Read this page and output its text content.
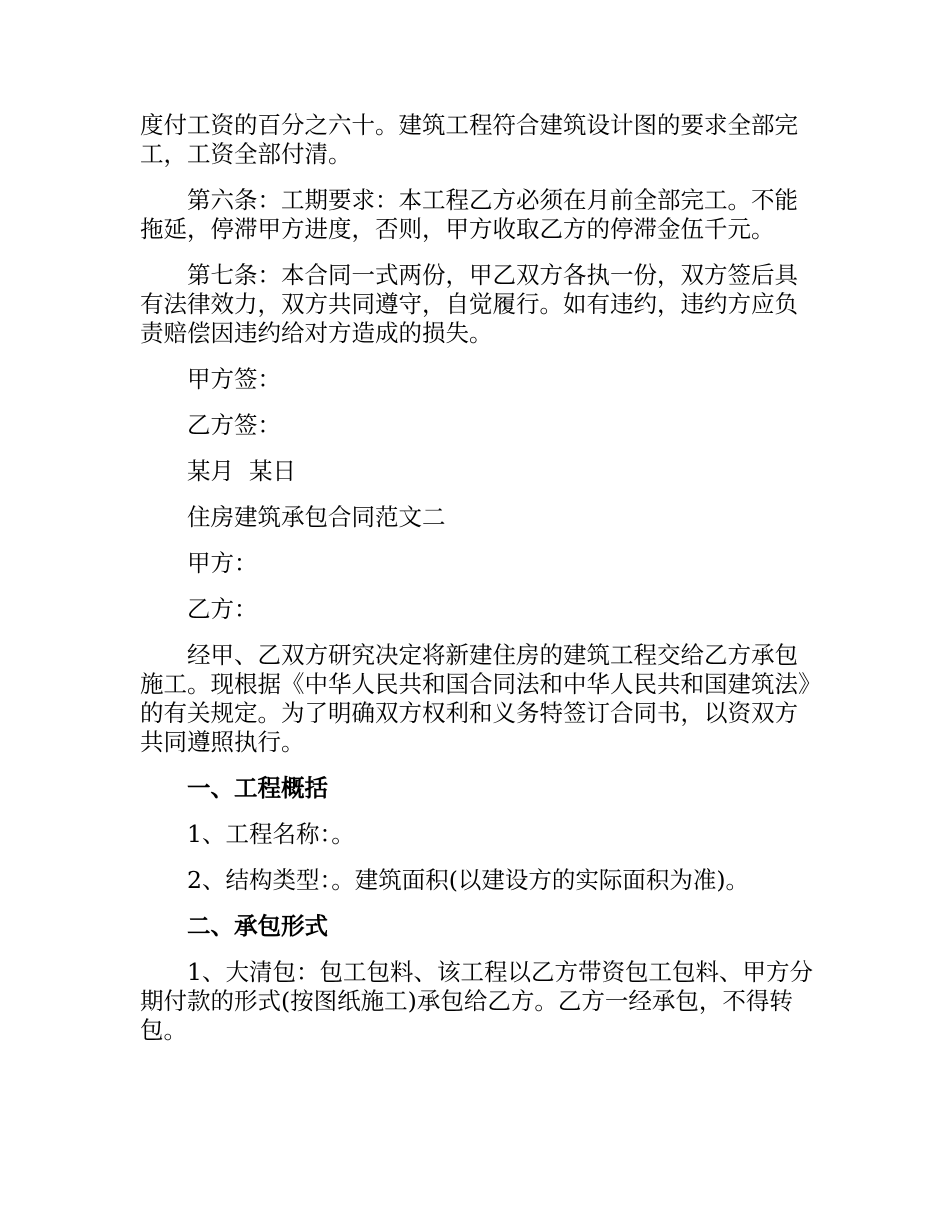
度付工资的百分之六十。建筑工程符合建筑设计图的要求全部完工，工资全部付清。

第六条：工期要求：本工程乙方必须在月前全部完工。不能拖延，停滞甲方进度，否则，甲方收取乙方的停滞金伍千元。

第七条：本合同一式两份，甲乙双方各执一份，双方签后具有法律效力，双方共同遵守，自觉履行。如有违约，违约方应负责赔偿因违约给对方造成的损失。

甲方签：

乙方签：

某月  某日

住房建筑承包合同范文二

甲方：

乙方：

经甲、乙双方研究决定将新建住房的建筑工程交给乙方承包施工。现根据《中华人民共和国合同法和中华人民共和国建筑法》的有关规定。为了明确双方权利和义务特签订合同书，以资双方共同遵照执行。

一、工程概括

1、工程名称：。

2、结构类型：。建筑面积(以建设方的实际面积为准)。

二、承包形式

1、大清包：包工包料、该工程以乙方带资包工包料、甲方分期付款的形式(按图纸施工)承包给乙方。乙方一经承包，不得转包。
